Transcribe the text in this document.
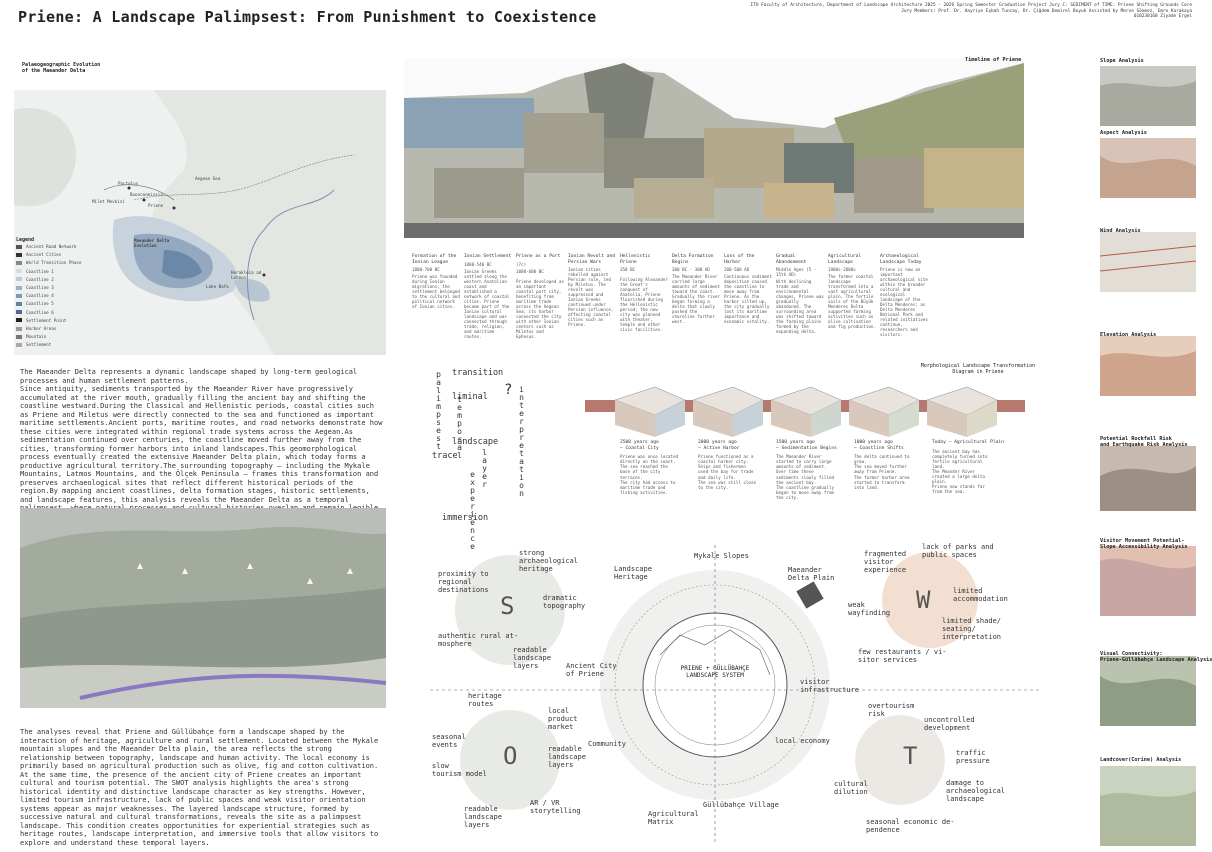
Priene: A Landscape Palimpsest: From Punishment to Coexistence
ITU Faculty of Architecture, Department of Landscape Architecture 2025 - 2026 Spring Semester Graduation Project Jury C: SEDIMENT of TIME: Priene Shifting Grounds Core
Jury Members: Prof. Dr. Hayriye Eşbah Tuncay, Dr. Çiǧdem Demirel Buyuk Assisted by Merve Sönmez, Emre Karakaya
010230168 Ziyade Ergel
Palaeogeographic Evolution
of the Maeander Delta
Aegean Sea
Pactolus
Buonconmissia
Priene
Milet Mevkisi
Maeander Delta
Evolution
Lake Bafa
Herakleia ad
Latmos
Legend
Ancient Road Network
Ancient Cities
World Transition Phase
Coastline 1
Coastline 2
Coastline 3
Coastline 4
Coastline 5
Coastline 6
Settlement Point
Harbor Areas
Mountain
Settlement
The Maeander Delta represents a dynamic landscape shaped by long-term geological processes and human settlement patterns.
Since antiquity, sediments transported by the Maeander River have progressively accumulated at the river mouth, gradually filling the ancient bay and shifting the coastline westward.During the Classical and Hellenistic periods, coastal cities such as Priene and Miletus were directly connected to the sea and functioned as important maritime settlements.Ancient ports, maritime routes, and road networks demonstrate how these cities were integrated within regional trade systems across the Aegean.As sedimentation continued over centuries, the coastline moved further away from the cities, transforming former harbors into inland landscapes.This geomorphological process eventually created the extensive Maeander Delta plain, which today forms a productive agricultural territory.The surrounding topography — including the Mykale Mountains, Latmos Mountains, and the Ölçek Peninsula — frames this transformation and preserves archaeological sites that reflect different historical periods of the region.By mapping ancient coastlines, delta formation stages, historic settlements, and landscape features, this analysis reveals the Maeander Delta as a temporal
The analyses reveal that Priene and Güllübahçe form a landscape shaped by the interaction of heritage, agriculture and rural settlement. Located between the Mykale mountain slopes and the Maeander Delta plain, the area reflects the strong relationship between topography, landscape and human activity. The local economy is primarily based on agricultural production such as olive, fig and cotton cultivation. At the same time, the presence of the ancient city of Priene creates an important cultural and tourism potential. The SWOT analysis highlights the area's strong historical identity and distinctive landscape character as key strengths. However, limited tourism infrastructure, lack of public spaces and weak visitor orientation systems appear as major weaknesses. The layered landscape structure, formed by successive natural and cultural transformations, reveals the site as a palimpsest landscape. This condition creates opportunities for experiential strategies such as heritage routes, landscape interpretation, and immersive tools that allow visitors to explore and understand these temporal layers.
Timeline of Priene
Formation of the Ionian League
1000-700 BC
Priene was founded during Ionian migrations; the settlement belonged to the cultural and political network of Ionian cities.
Ionian Settlement
1000-540 BC
Ionian Greeks settled along the western Anatolian coast and established a network of coastal cities. Priene became part of the Ionian cultural landscape and was connected through trade, religion, and maritime routes.
Priene as a Port
(7c)
1000-600 BC

Priene developed as an important coastal port city, benefiting from maritime trade across the Aegean Sea; its harbor connected the city with other Ionian centers such as Miletus and Ephesus.
Ionian Revolt and Persian Wars
Ionian cities rebelled against Persian rule, led by Miletus. The revolt was suppressed and Ionian Greeks continued under Persian influence, affecting coastal cities such as Priene.
Hellenistic Priene
350 BC

Following Alexander the Great's conquest of Anatolia, Priene flourished during the Hellenistic period; the new city was planned with theater, temple and other civic facilities.
Delta Formation Begins
300 BC - 300 AD
The Maeander River carried large amounts of sediment toward the coast. Gradually the river began forming a delta that slowly pushed the shoreline further west.
Loss of the Harbor
200-500 AD
Continuous sediment deposition caused the coastline to move away from Priene. As the harbor silted up, the city gradually lost its maritime importance and economic vitality.
Gradual Abandonment
Middle Ages (5 - 15th AD)
With declining trade and environmental changes, Priene was gradually abandoned. The surrounding area was shifted toward the farming plains formed by the expanding delta.
Agricultural Landscape
1900s-2000s
The former coastal landscape transformed into a vast agricultural plain. The fertile soils of the Büyük Menderes Delta supported farming activities such as olive cultivation and fig production.
Archaeological Landscape Today
Priene is now an important archaeological site within the broader cultural and ecological landscape of the Delta Menderes; as Delta Menderes National Park and related initiatives continue, researchers and visitors.
palimpsest temporal
layer
experience
interpretation
transition
liminal ?
landscape
immersion
trace
Morphological Landscape Transformation
Diagram in Priene
2500 years ago
— Coastal City
Priene was once located directly on the coast.
The sea reached the base of the city terraces.
The city had access to maritime trade and fishing activities.
2000 years ago
— Active Harbor
Priene functioned as a coastal harbor city.
Ships and fishermen used the bay for trade and daily life.
The sea was still close to the city.
1500 years ago
— Sedimentation Begins
The Maeander River started to carry large amounts of sediment.
Over time these sediments slowly filled the ancient bay.
The coastline gradually began to move away from the city.
1000 years ago
— Coastline Shifts
The delta continued to grow.
The sea moved further away from Priene.
The former harbor area started to transform into land.
Today — Agricultural Plain
The ancient bay has completely turned into fertile agricultural land.
The Meander River created a large delta plain.
Priene now stands far from the sea.
S	W
O	T
PRIENE + GÜLLÜBAHÇE
LANDSCAPE SYSTEM
strong
archaeological
heritage
proximity to
regional
destinations
dramatic
topography
authentic rural at-
mosphere
readable
landscape
layers
fragmented
visitor
experience
lack of parks and
public spaces
limited
accommodation
weak
wayfinding
limited shade/
seating/
interpretation
few restaurants / vi-
sitor services
heritage
routes
local
product
market
seasonal
events	readable
landscape
layers
slow
tourism model
AR / VR
storytelling
readable
landscape
layers
overtourism
risk
uncontrolled
development
traffic
pressure
cultural
dilution
damage to
archaeological
landscape
seasonal economic de-
pendence
Mykale Slopes
Landscape
Heritage
Maeander
Delta Plain
Ancient City
of Priene
visitor
infrastructure
local economy
Community
Güllübahçe Village
Agricultural
Matrix
Slope Analysis
Aspect Analysis
Wind Analysis
Elevation Analysis
Potential Rockfall Risk
and Earthquake Risk Analysis
Visitor Movement Potential-
Slope Accessibility Analysis
Visual Connectivity:
Priene-Güllübahçe Landscape Analysis
Landcover(Corine) Analysis
